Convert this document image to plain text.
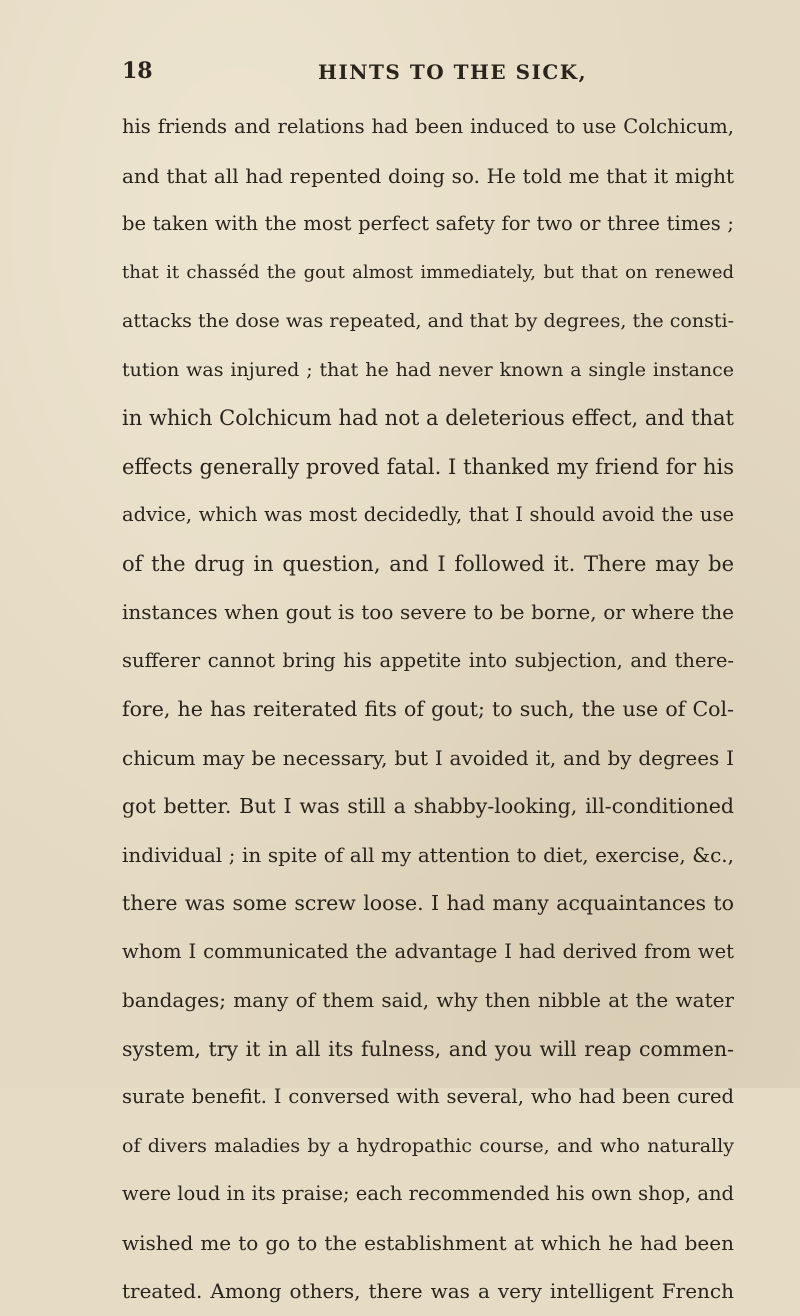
18	HINTS TO THE SICK,
his friends and relations had been induced to use Colchicum,
and that all had repented doing so. He told me that it might
be taken with the most perfect safety for two or three times ;
that it chasséd the gout almost immediately, but that on renewed
attacks the dose was repeated, and that by degrees, the consti-
tution was injured ; that he had never known a single instance
in which Colchicum had not a deleterious effect, and that
effects generally proved fatal. I thanked my friend for his
advice, which was most decidedly, that I should avoid the use
of the drug in question, and I followed it. There may be
instances when gout is too severe to be borne, or where the
sufferer cannot bring his appetite into subjection, and there-
fore, he has reiterated fits of gout; to such, the use of Col-
chicum may be necessary, but I avoided it, and by degrees I
got better. But I was still a shabby-looking, ill-conditioned
individual ; in spite of all my attention to diet, exercise, &c.,
there was some screw loose. I had many acquaintances to
whom I communicated the advantage I had derived from wet
bandages; many of them said, why then nibble at the water
system, try it in all its fulness, and you will reap commen-
surate benefit. I conversed with several, who had been cured
of divers maladies by a hydropathic course, and who naturally
were loud in its praise; each recommended his own shop, and
wished me to go to the establishment at which he had been
treated. Among others, there was a very intelligent French
